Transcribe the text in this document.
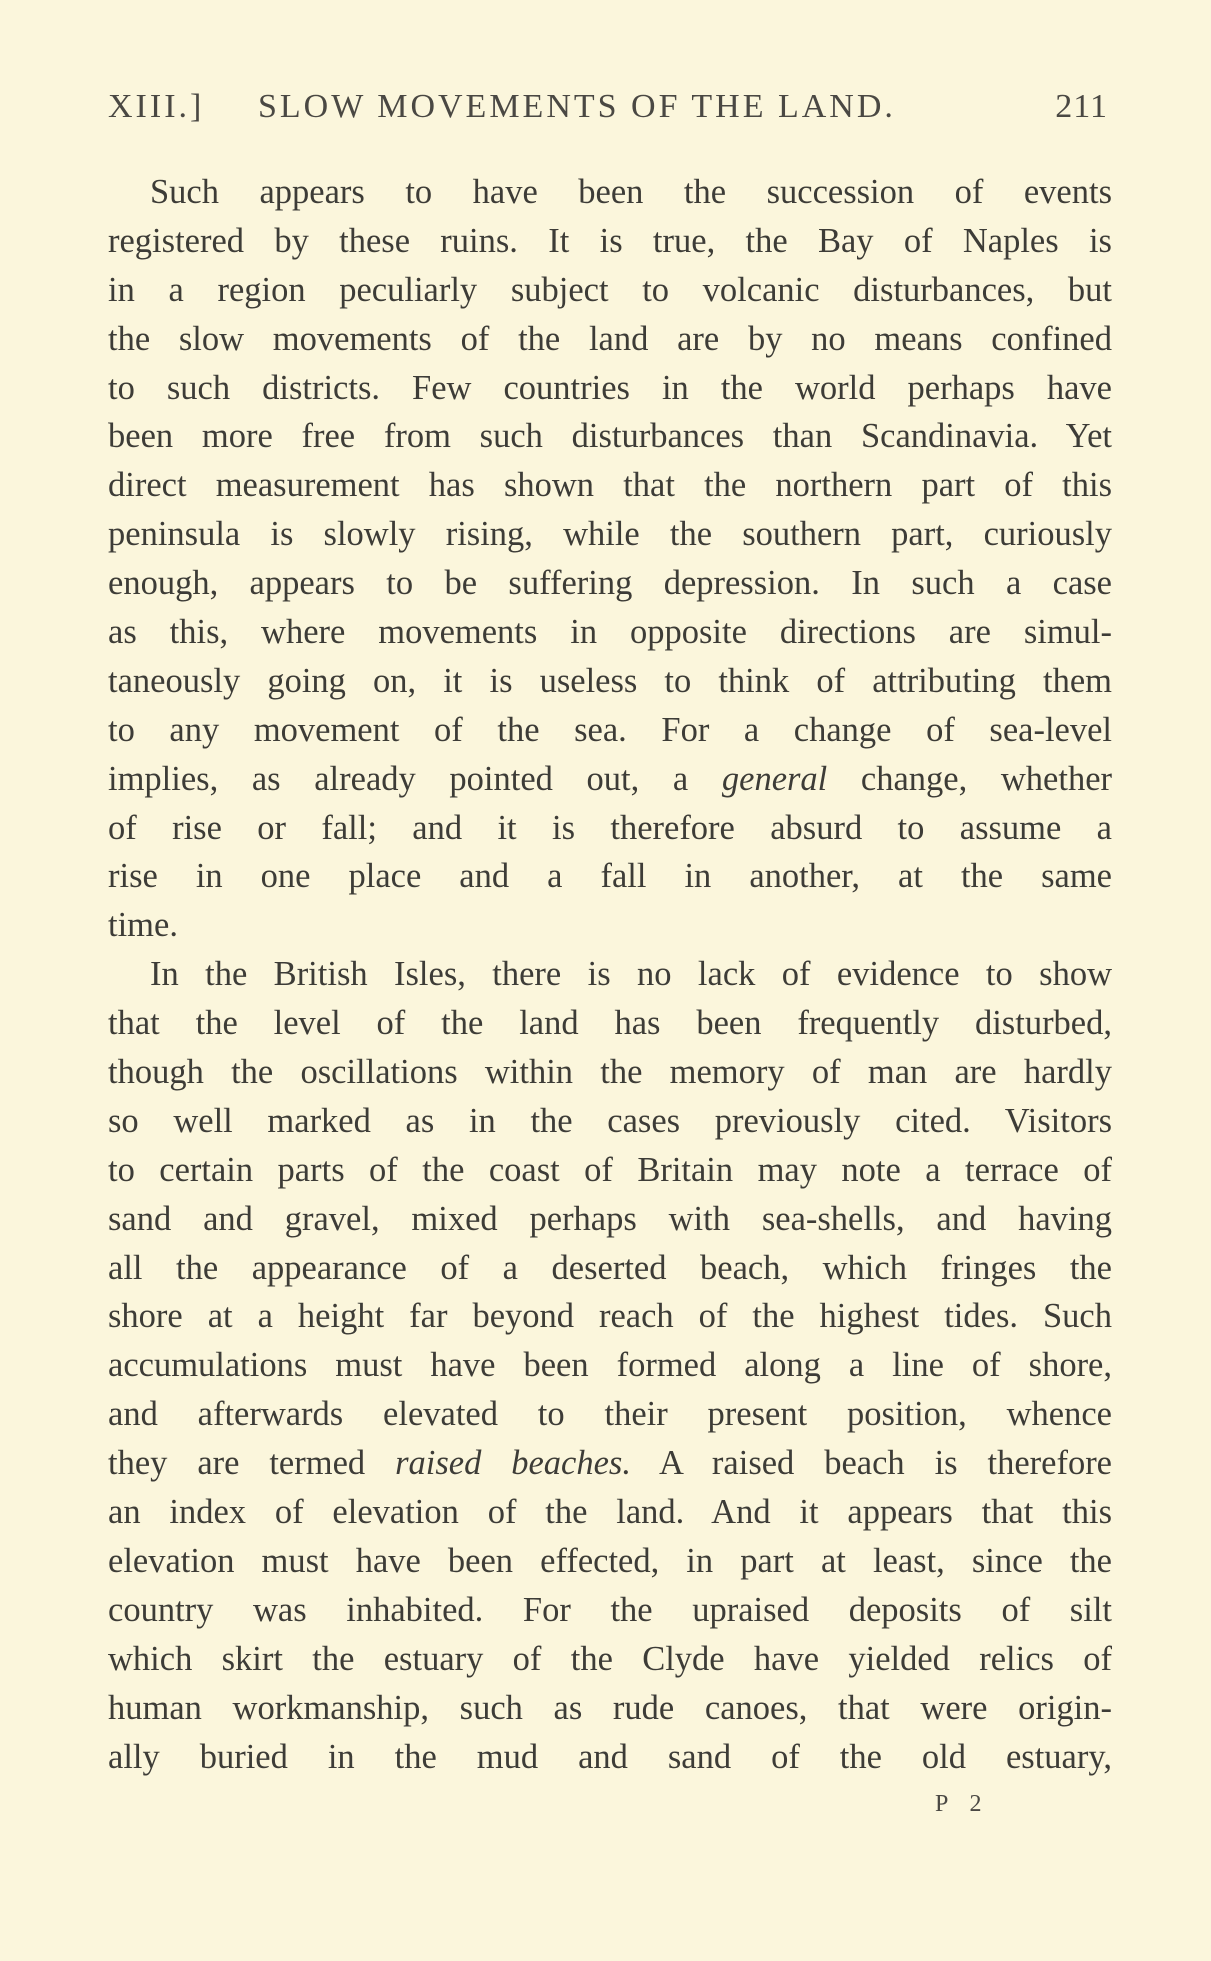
XIII.] SLOW MOVEMENTS OF THE LAND.	211
Such appears to have been the succession of events
registered by these ruins. It is true, the Bay of Naples is
in a region peculiarly subject to volcanic disturbances, but
the slow movements of the land are by no means confined
to such districts. Few countries in the world perhaps have
been more free from such disturbances than Scandinavia. Yet
direct measurement has shown that the northern part of this
peninsula is slowly rising, while the southern part, curiously
enough, appears to be suffering depression. In such a case
as this, where movements in opposite directions are simul-
taneously going on, it is useless to think of attributing them
to any movement of the sea. For a change of sea-level
implies, as already pointed out, a general change, whether
of rise or fall; and it is therefore absurd to assume a
rise in one place and a fall in another, at the same
time.
In the British Isles, there is no lack of evidence to show
that the level of the land has been frequently disturbed,
though the oscillations within the memory of man are hardly
so well marked as in the cases previously cited. Visitors
to certain parts of the coast of Britain may note a terrace of
sand and gravel, mixed perhaps with sea-shells, and having
all the appearance of a deserted beach, which fringes the
shore at a height far beyond reach of the highest tides. Such
accumulations must have been formed along a line of shore,
and afterwards elevated to their present position, whence
they are termed raised beaches. A raised beach is therefore
an index of elevation of the land. And it appears that this
elevation must have been effected, in part at least, since the
country was inhabited. For the upraised deposits of silt
which skirt the estuary of the Clyde have yielded relics of
human workmanship, such as rude canoes, that were origin-
ally buried in the mud and sand of the old estuary,
P 2
